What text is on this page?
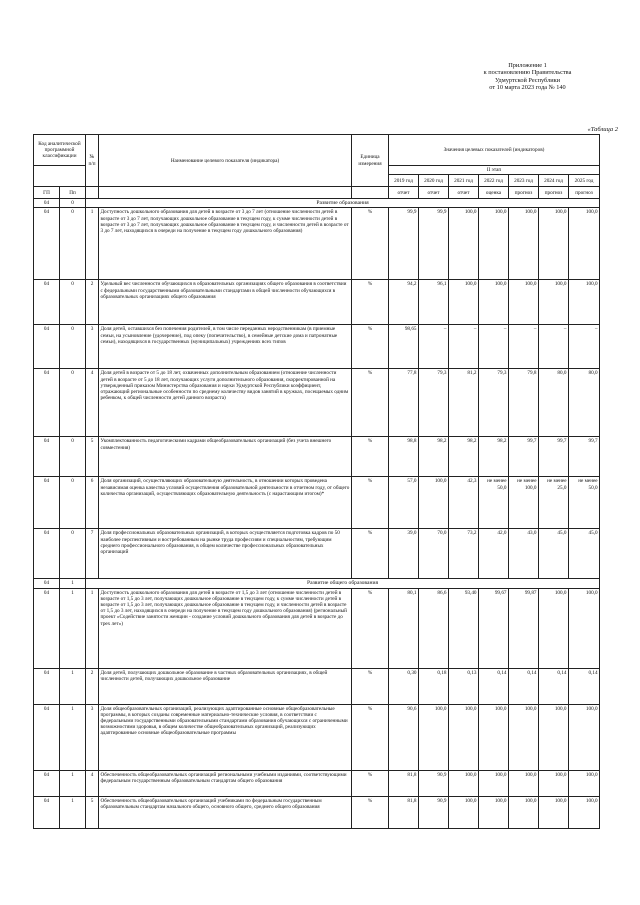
Приложение 1
к постановлению Правительства
Удмуртской Республики
от 10 марта 2023 года № 140
«Таблица 2
Код аналитической программной классификации		№ п/п	Наименование целевого показателя (индикатора)	Единица измерения	Значения целевых показателей (индикаторов)						
					II этап						
					2019 год	2020 год	2021 год	2022 год	2023 год	2024 год	2025 год
ГП	Пп				отчет	отчет	отчет	оценка	прогноз	прогноз	прогноз
04	0	Развитие образования									
04	0	1	Доступность дошкольного образования для детей в возрасте от 3 до 7 лет (отношение численности детей в возрасте от 3 до 7 лет, получающих дошкольное образование в текущем году, к сумме численности детей в возрасте от 3 до 7 лет, получающих дошкольное образование в текущем году, и численности детей в возрасте от 3 до 7 лет, находящихся в очереди на получение в текущем году дошкольного образования)	%	99,9	99,9	100,0	100,0	100,0	100,0	100,0
04	0	2	Удельный вес численности обучающихся в образовательных организациях общего образования в соответствии с федеральными государственными образовательными стандартами в общей численности обучающихся в образовательных организациях общего образования	%	94,2	96,1	100,0	100,0	100,0	100,0	100,0
04	0	3	Доля детей, оставшихся без попечения родителей, в том числе переданных неродственникам (в приемные семьи, на усыновление (удочерение), под опеку (попечительство), в семейные детские дома и патронатные семьи), находящихся в государственных (муниципальных) учреждениях всех типов	%	98,65	–	–	–	–	–	–
04	0	4	Доля детей в возрасте от 5 до 18 лет, охваченных дополнительным образованием (отношение численности детей в возрасте от 5 до 18 лет, получающих услуги дополнительного образования, скорректированной на утвержденный приказом Министерства образования и науки Удмуртской Республики коэффициент, отражающий региональные особенности по среднему количеству видов занятий в кружках, посещаемых одним ребенком, к общей численности детей данного возраста)	%	77,8	79,3	81,2	79,3	79,8	80,0	80,0
04	0	5	Укомплектованность педагогическими кадрами общеобразовательных организаций (без учета внешнего совместения)	%	98,8	98,2	98,2	98,2	99,7	99,7	99,7
04	0	6	Доля организаций, осуществляющих образовательную деятельность, в отношении которых проведена независимая оценка качества условий осуществления образовательной деятельности в отчетном году, от общего количества организаций, осуществляющих образовательную деятельность (с нарастающим итогом)*	%	57,0	100,0	42,3	не менее 50,0	не менее 100,0	не менее 25,0	не менее 50,0
04	0	7	Доля профессиональных образовательных организаций, в которых осуществляется подготовка кадров по 50 наиболее перспективным и востребованным на рынке труда профессиям и специальностям, требующим среднего профессионального образования, в общем количестве профессиональных образовательных организаций	%	39,0	70,0	73,2	42,0	43,0	45,0	45,0
04	1	Развитие общего образования									
04	1	1	Доступность дошкольного образования для детей в возрасте от 1,5 до 3 лет (отношение численности детей в возрасте от 1,5 до 3 лет, получающих дошкольное образование в текущем году, к сумме численности детей в возрасте от 1,5 до 3 лет, получающих дошкольное образование в текущем году, и численности детей в возрасте от 1,5 до 3 лет, находящихся в очереди на получение в текущем году дошкольного образования) (региональный проект «Содействие занятости женщин - создание условий дошкольного образования для детей в возрасте до трех лет»)	%	80,1	86,6	93,40	99,67	99,87	100,0	100,0
04	1	2	Доля детей, получающих дошкольное образование в частных образовательных организациях, в общей численности детей, получающих дошкольное образование	%	0,30	0,18	0,13	0,14	0,14	0,14	0,14
04	1	3	Доля общеобразовательных организаций, реализующих адаптированные основные общеобразовательные программы, в которых созданы современные материально-технические условия, в соответствии с федеральными государственными образовательными стандартами образования обучающихся с ограниченными возможностями здоровья, в общем количестве общеобразовательных организаций, реализующих адаптированные основные общеобразовательные программы	%	90,6	100,0	100,0	100,0	100,0	100,0	100,0
04	1	4	Обеспеченность общеобразовательных организаций региональными учебными изданиями, соответствующими федеральным государственным образовательным стандартам общего образования	%	81,8	90,9	100,0	100,0	100,0	100,0	100,0
04	1	5	Обеспеченность общеобразовательных организаций учебниками по федеральным государственным образовательным стандартам начального общего, основного общего, среднего общего образования	%	81,8	90,9	100,0	100,0	100,0	100,0	100,0
